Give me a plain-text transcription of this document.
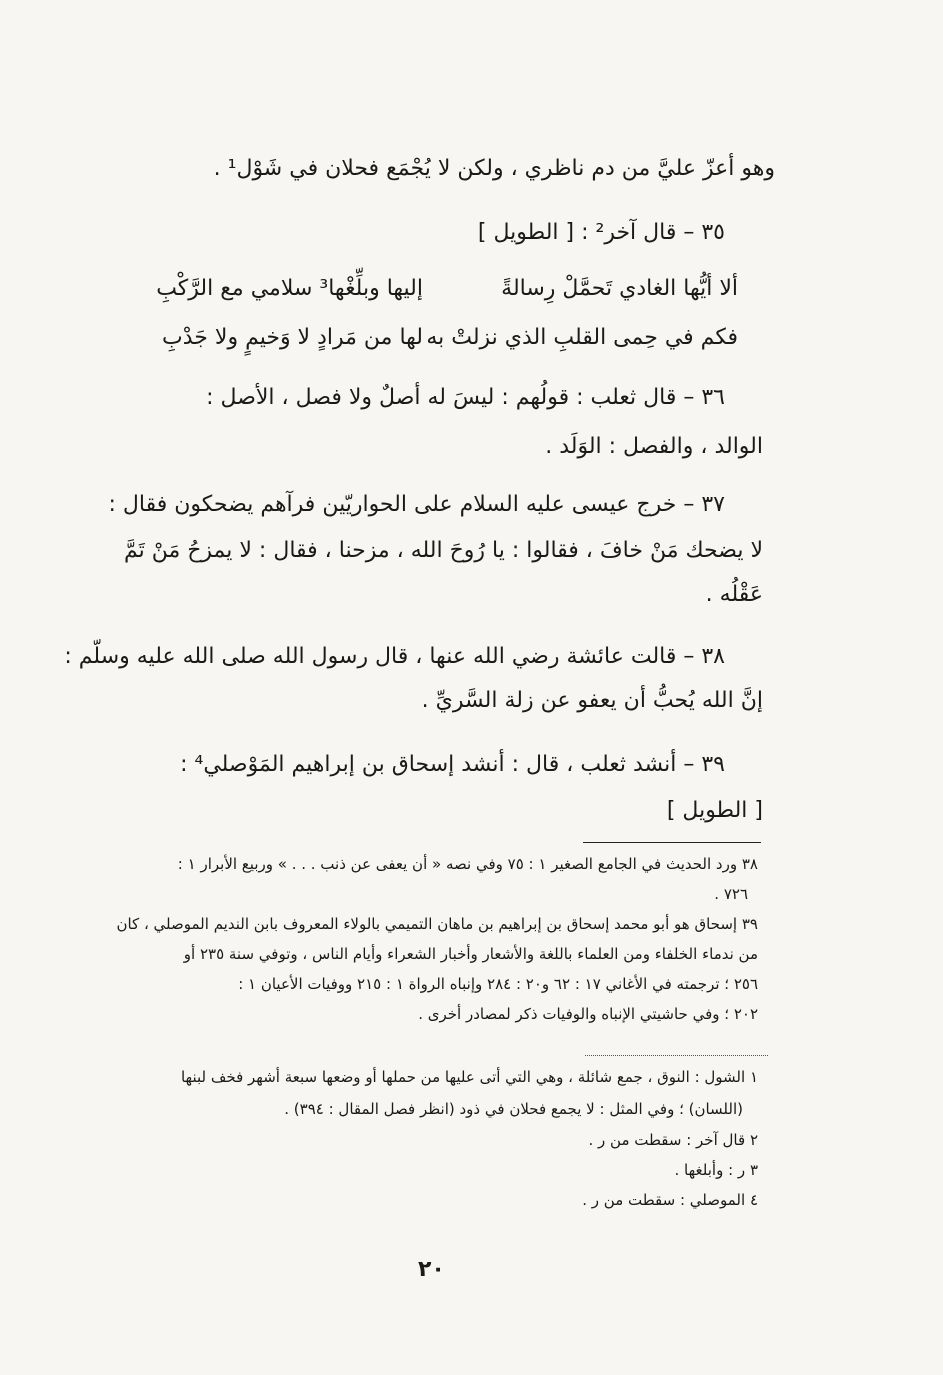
وهو أعزّ عليَّ من دم ناظري ، ولكن لا يُجْمَع فحلان في شَوْل¹ .
٣٥ – قال آخر² : [ الطويل ]
ألا أيُّها الغادي تَحمَّلْ رِسالةً
إليها وبلِّغْها³ سلامي مع الرَّكْبِ
فكم في حِمى القلبِ الذي نزلتْ به
لها من مَرادٍ لا وَخيمٍ ولا جَدْبِ
٣٦ – قال ثعلب : قولُهم : ليسَ له أصلٌ ولا فصل ، الأصل :
الوالد ، والفصل : الوَلَد .
٣٧ – خرج عيسى عليه السلام على الحواريّين فرآهم يضحكون فقال :
لا يضحك مَنْ خافَ ، فقالوا : يا رُوحَ الله ، مزحنا ، فقال : لا يمزحُ مَنْ تَمَّ
عَقْلُه .
٣٨ – قالت عائشة رضي الله عنها ، قال رسول الله صلى الله عليه وسلّم :
إنَّ الله يُحبُّ أن يعفو عن زلة السَّريِّ .
٣٩ – أنشد ثعلب ، قال : أنشد إسحاق بن إبراهيم المَوْصلي⁴ :
[ الطويل ]
٣٨ ورد الحديث في الجامع الصغير ١ : ٧٥ وفي نصه « أن يعفى عن ذنب . . . » وربيع الأبرار ١ :
٧٢٦ .
٣٩ إسحاق هو أبو محمد إسحاق بن إبراهيم بن ماهان التميمي بالولاء المعروف بابن النديم الموصلي ، كان
من ندماء الخلفاء ومن العلماء باللغة والأشعار وأخبار الشعراء وأيام الناس ، وتوفي سنة ٢٣٥ أو
٢٥٦ ؛ ترجمته في الأغاني ١٧ : ٦٢ و٢٠ : ٢٨٤ وإنباه الرواة ١ : ٢١٥ ووفيات الأعيان ١ :
٢٠٢ ؛ وفي حاشيتي الإنباه والوفيات ذكر لمصادر أخرى .
١ الشول : النوق ، جمع شائلة ، وهي التي أتى عليها من حملها أو وضعها سبعة أشهر فخف لبنها
(اللسان) ؛ وفي المثل : لا يجمع فحلان في ذود (انظر فصل المقال : ٣٩٤) .
٢ قال آخر : سقطت من ر .
٣ ر : وأبلغها .
٤ الموصلي : سقطت من ر .
٢٠
